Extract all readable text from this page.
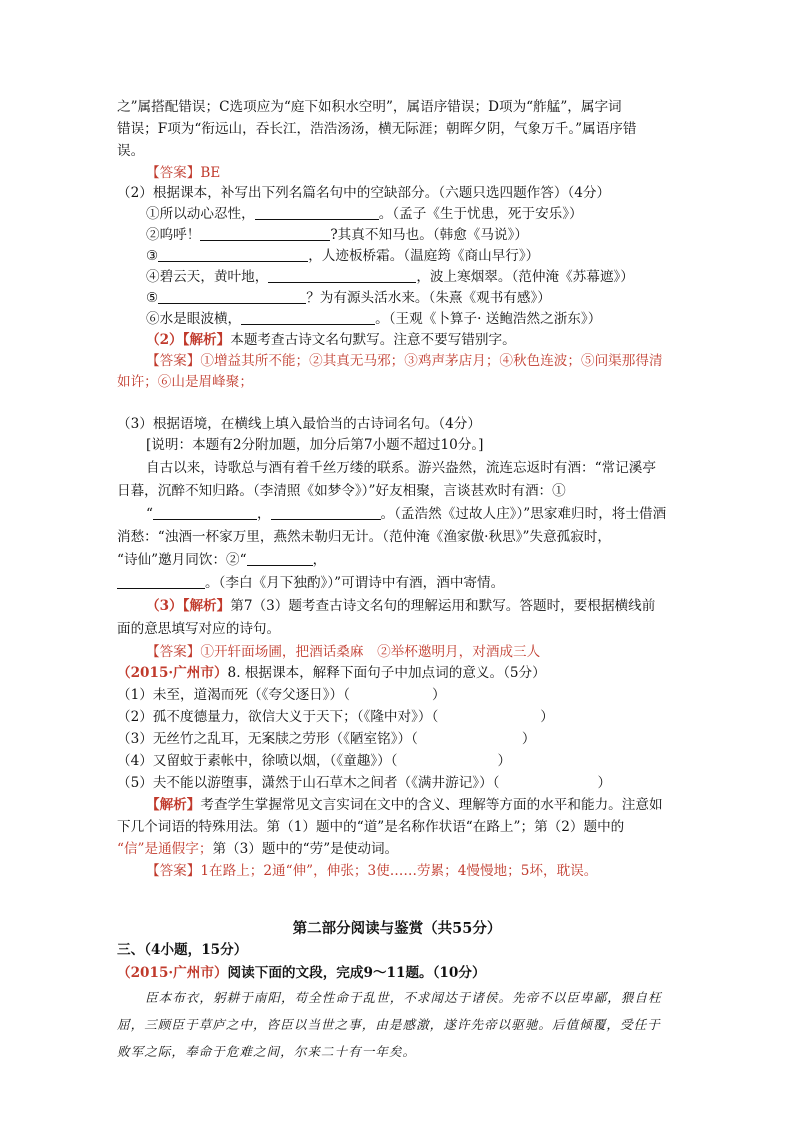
之”属搭配错误；C选项应为“庭下如积水空明”，属语序错误；D项为“舴艋”，属字词
错误；F项为“衔远山，吞长江，浩浩汤汤，横无际涯；朝晖夕阴，气象万千。”属语序错
误。
【答案】BE
（2）根据课本，补写出下列名篇名句中的空缺部分。（六题只选四题作答）（4分）
①所以动心忍性，	。（孟子《生于忧患，死于安乐》）
②呜呼！	?其真不知马也。（韩愈《马说》）
③	，人迹板桥霜。（温庭筠《商山早行》）
④碧云天，黄叶地，	，波上寒烟翠。（范仲淹《苏幕遮》）
⑤	？为有源头活水来。（朱熹《观书有感》）
⑥水是眼波横，	。（王观《卜算子· 送鲍浩然之浙东》）
（2）【解析】本题考查古诗文名句默写。注意不要写错别字。
【答案】①增益其所不能；②其真无马邪；③鸡声茅店月；④秋色连波；⑤问渠那得清
如许；⑥山是眉峰聚；
（3）根据语境，在横线上填入最恰当的古诗词名句。（4分）
[说明：本题有2分附加题，加分后第7小题不超过10分。]
自古以来，诗歌总与酒有着千丝万缕的联系。游兴盎然，流连忘返时有酒：“常记溪亭
日暮，沉醉不知归路。（李清照《如梦令》）”好友相聚，言谈甚欢时有酒：①
“	，	。（孟浩然《过故人庄》）”思家难归时，将士借酒
消愁：“浊酒一杯家万里，燕然未勒归无计。（范仲淹《渔家傲·秋思》”失意孤寂时，
“诗仙”邀月同饮：②“	，
。（李白《月下独酌》）”可谓诗中有酒，酒中寄情。
（3）【解析】第7（3）题考查古诗文名句的理解运用和默写。答题时，要根据横线前
面的意思填写对应的诗句。
【答案】①开轩面场圃，把酒话桑麻　②举杯邀明月，对酒成三人
（2015·广州市）8. 根据课本，解释下面句子中加点词的意义。（5分）
（1）未至，道渴而死（《夸父逐日》）（	）
（2）孤不度德量力，欲信大义于天下；（《隆中对》）（	）
（3）无丝竹之乱耳，无案牍之劳形（《陋室铭》）（	）
（4）又留蚊于素帐中，徐喷以烟，（《童趣》）（	）
（5）夫不能以游堕事，潇然于山石草木之间者（《满井游记》）（	）
【解析】考查学生掌握常见文言实词在文中的含义、理解等方面的水平和能力。注意如
下几个词语的特殊用法。第（1）题中的“道”是名称作状语“在路上”；第（2）题中的
“信”是通假字；第（3）题中的“劳”是使动词。
【答案】1在路上；2通“伸”，伸张；3使……劳累；4慢慢地；5坏，耽误。
第二部分阅读与鉴赏（共55分）
三、（4小题，15分）
（2015·广州市）阅读下面的文段，完成9～11题。（10分）

臣本布衣，躬耕于南阳，苟全性命于乱世，不求闻达于诸侯。先帝不以臣卑鄙，猥自枉

屈，三顾臣于草庐之中，咨臣以当世之事，由是感激，遂许先帝以驱驰。后值倾覆，受任于

败军之际，奉命于危难之间，尔来二十有一年矣。
